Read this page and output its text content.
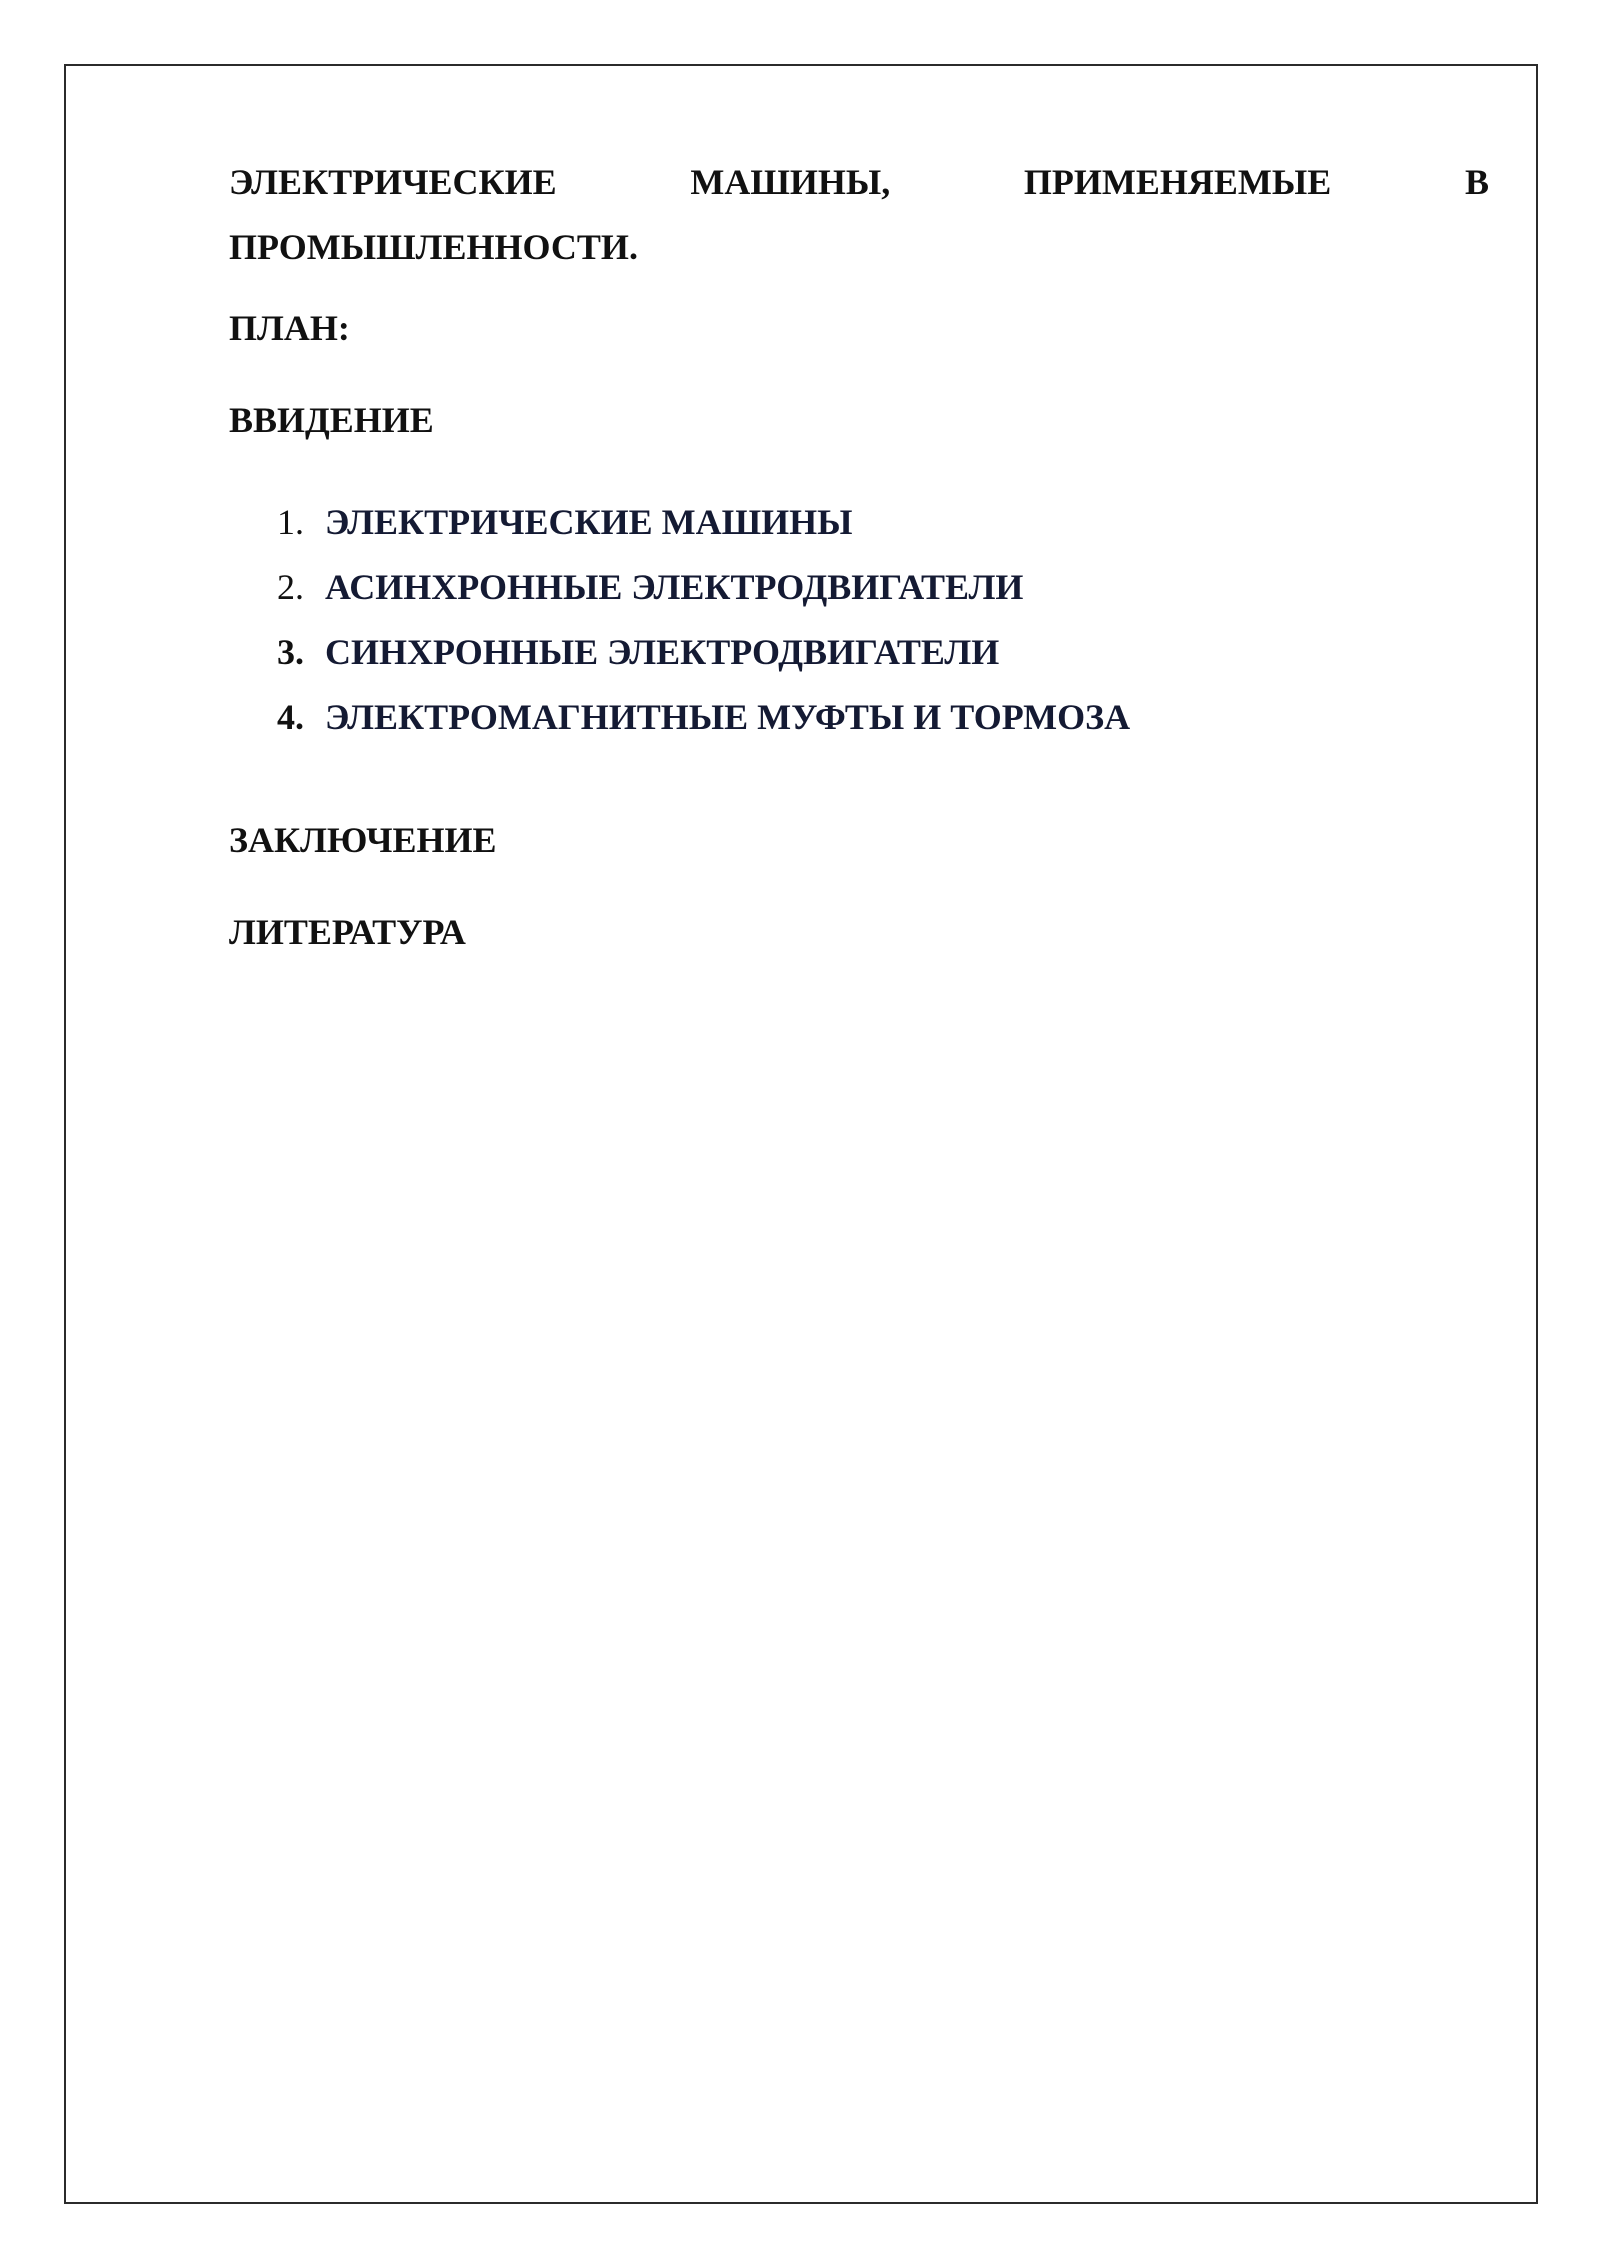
ЭЛЕКТРИЧЕСКИЕ	МАШИНЫ,	ПРИМЕНЯЕМЫЕ	В
ПРОМЫШЛЕННОСТИ.

ПЛАН:

ВВИДЕНИЕ

1. ЭЛЕКТРИЧЕСКИЕ МАШИНЫ
2. АСИНХРОННЫЕ ЭЛЕКТРОДВИГАТЕЛИ
3. СИНХРОННЫЕ ЭЛЕКТРОДВИГАТЕЛИ
4. ЭЛЕКТРОМАГНИТНЫЕ МУФТЫ И ТОРМОЗА

ЗАКЛЮЧЕНИЕ

ЛИТЕРАТУРА
